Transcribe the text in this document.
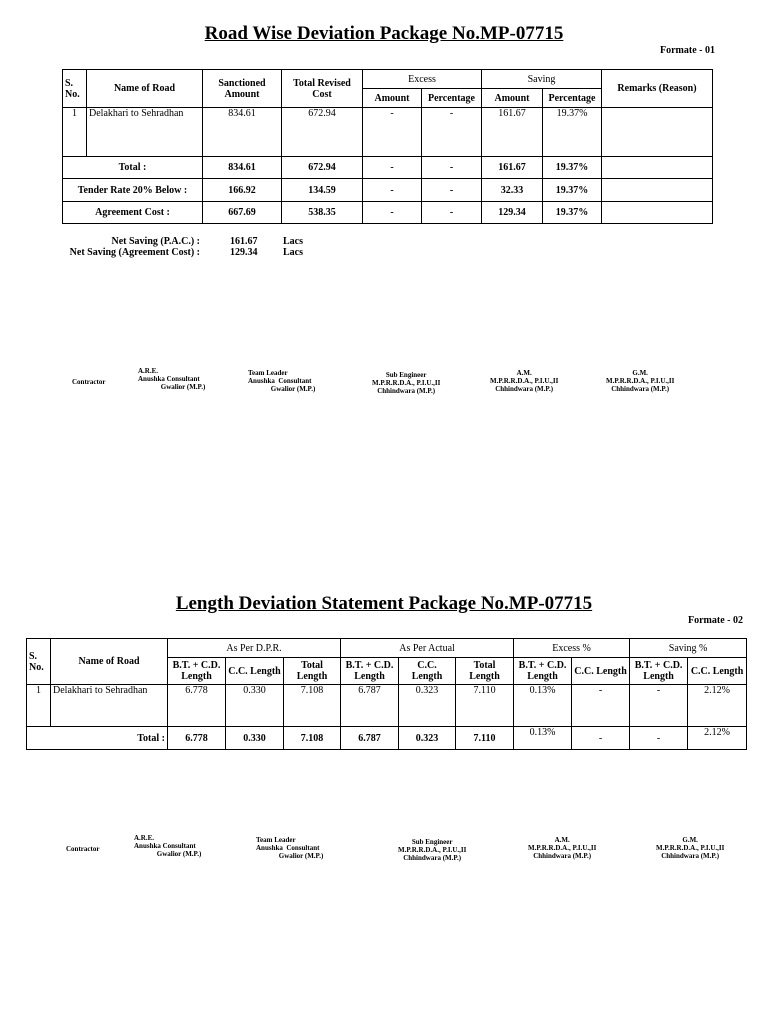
Road Wise Deviation Package No.MP-07715
Formate - 01
S. No.	Name of Road	Sanctioned Amount	Total Revised Cost	Excess		Saving		Remarks (Reason)
				Amount	Percentage	Amount	Percentage	
1	Delakhari to Sehradhan	834.61	672.94	-	-	161.67	19.37%	
Total :		834.61	672.94	-	-	161.67	19.37%	
Tender Rate 20% Below :		166.92	134.59	-	-	32.33	19.37%	
Agreement Cost :		667.69	538.35	-	-	129.34	19.37%	
Net Saving (P.A.C.) :	161.67	Lacs
Net Saving (Agreement Cost) :	129.34	Lacs
Contractor
A.R.E.
Anushka Consultant
Gwalior (M.P.)
Team Leader
Anushka  Consultant
Gwalior (M.P.)
Sub Engineer
M.P.R.R.D.A., P.I.U.,II
Chhindwara (M.P.)
A.M.
M.P.R.R.D.A., P.I.U.,II
Chhindwara (M.P.)
G.M.
M.P.R.R.D.A., P.I.U.,II
Chhindwara (M.P.)
Length Deviation Statement Package No.MP-07715
Formate - 02
S. No.	Name of Road	As Per D.P.R.			As Per Actual			Excess %		Saving %	
		B.T. + C.D. Length	C.C. Length	Total Length	B.T. + C.D. Length	C.C. Length	Total Length	B.T. + C.D. Length	C.C. Length	B.T. + C.D. Length	C.C. Length
1	Delakhari to Sehradhan	6.778	0.330	7.108	6.787	0.323	7.110	0.13%	-	-	2.12%
Total :		6.778	0.330	7.108	6.787	0.323	7.110	0.13%	-	-	2.12%
Contractor
A.R.E.
Anushka Consultant
Gwalior (M.P.)
Team Leader
Anushka  Consultant
Gwalior (M.P.)
Sub Engineer
M.P.R.R.D.A., P.I.U.,II
Chhindwara (M.P.)
A.M.
M.P.R.R.D.A., P.I.U.,II
Chhindwara (M.P.)
G.M.
M.P.R.R.D.A., P.I.U.,II
Chhindwara (M.P.)
